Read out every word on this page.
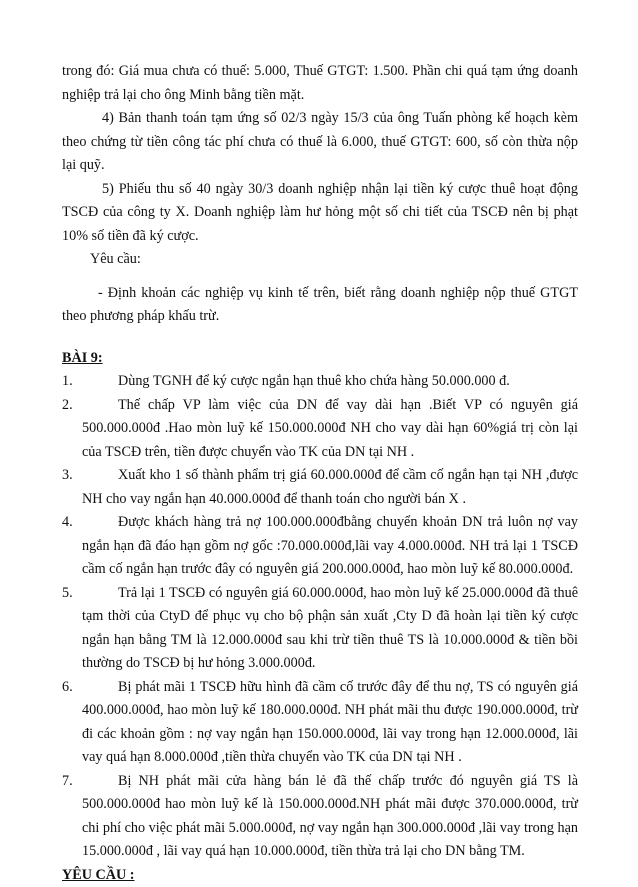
trong đó: Giá mua chưa có thuế: 5.000, Thuế GTGT: 1.500. Phần chi quá tạm ứng doanh nghiệp trả lại cho ông Minh bằng tiền mặt.

4) Bản thanh toán tạm ứng số 02/3 ngày 15/3 của ông Tuấn phòng kế hoạch kèm theo chứng từ tiền công tác phí chưa có thuế là 6.000, thuế GTGT: 600, số còn thừa nộp lại quỹ.

5) Phiếu thu số 40 ngày 30/3 doanh nghiệp nhận lại tiền ký cược thuê hoạt động TSCĐ của công ty X. Doanh nghiệp làm hư hỏng một số chi tiết của TSCĐ nên bị phạt 10% số tiền đã ký cược.

Yêu cầu:

- Định khoản các nghiệp vụ kinh tế trên, biết rằng doanh nghiệp nộp thuế GTGT theo phương pháp khấu trừ.

BÀI 9:

1.	Dùng TGNH để ký cược ngắn hạn thuê kho chứa hàng 50.000.000 đ.

2.	Thế chấp VP làm việc của DN để vay dài hạn .Biết VP có nguyên giá 500.000.000đ .Hao mòn luỹ kế 150.000.000đ NH cho vay dài hạn 60%giá trị còn lại của TSCĐ trên, tiền được chuyển vào TK của DN tại NH .

3.	Xuất kho 1 số thành phẩm trị giá 60.000.000đ để cầm cố ngắn hạn tại NH ,được NH cho vay ngắn hạn 40.000.000đ để thanh toán cho người bán X .

4.	Được khách hàng trả nợ 100.000.000đbằng chuyển khoản DN trả luôn nợ vay ngắn hạn đã đáo hạn gồm nợ gốc :70.000.000đ,lãi vay 4.000.000đ. NH trả lại 1 TSCĐ cầm cố ngắn hạn trước đây có nguyên giá 200.000.000đ, hao mòn luỹ kế 80.000.000đ.

5.	Trả lại 1 TSCĐ có nguyên giá 60.000.000đ, hao mòn luỹ kế 25.000.000đ đã thuê tạm thời của CtyD để phục vụ cho bộ phận sản xuất ,Cty D đã hoàn lại tiền ký cược ngắn hạn bằng TM là 12.000.000đ sau khi trừ tiền thuê TS là 10.000.000đ & tiền bồi thường do TSCĐ bị hư hỏng 3.000.000đ.

6.	Bị phát mãi 1 TSCĐ hữu hình đã cầm cố trước đây để thu nợ, TS có nguyên giá 400.000.000đ, hao mòn luỹ kế 180.000.000đ. NH phát mãi thu được 190.000.000đ, trừ đi các khoản gồm : nợ vay ngắn hạn 150.000.000đ, lãi vay trong hạn 12.000.000đ, lãi vay quá hạn 8.000.000đ ,tiền thừa chuyển vào TK của DN tại NH .

7.	Bị NH phát mãi cửa hàng bán lẻ đã thế chấp trước đó nguyên giá TS là 500.000.000đ hao mòn luỹ kế là 150.000.000đ.NH phát mãi được 370.000.000đ, trừ chi phí cho việc phát mãi 5.000.000đ, nợ vay ngắn hạn 300.000.000đ ,lãi vay trong hạn 15.000.000đ , lãi vay quá hạn 10.000.000đ, tiền thừa trả lại cho DN bằng TM.

YÊU CẦU :
